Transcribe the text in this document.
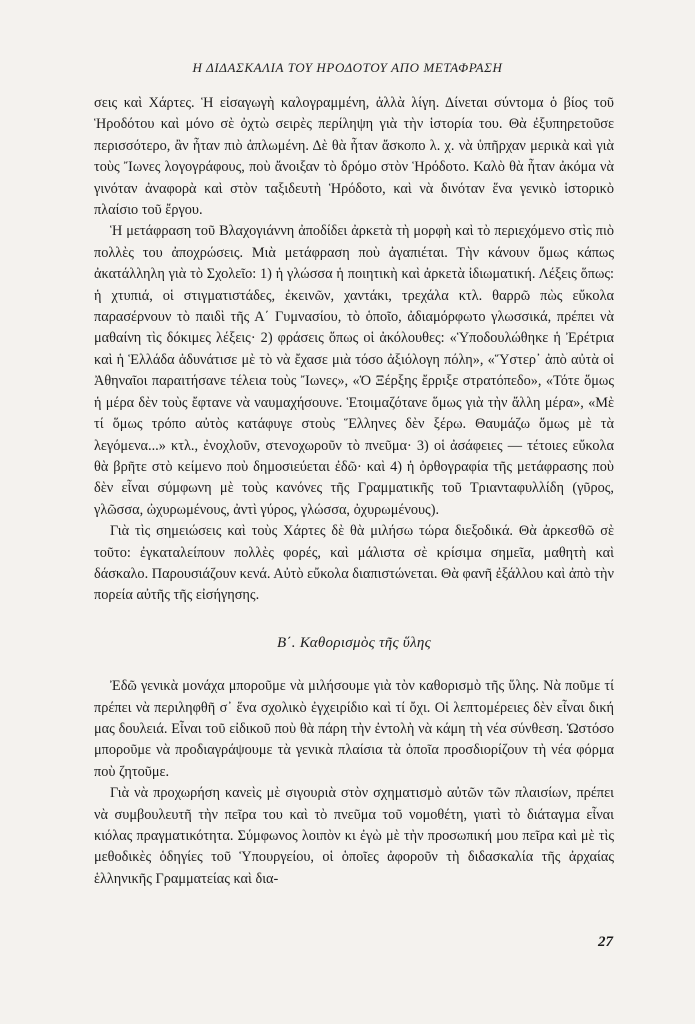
Η ΔΙΔΑΣΚΑΛΙΑ ΤΟΥ ΗΡΟΔΟΤΟΥ ΑΠΟ ΜΕΤΑΦΡΑΣΗ

σεις καὶ Χάρτες. Ἡ εἰσαγωγὴ καλογραμμένη, ἀλλὰ λίγη. Δίνεται σύντομα ὁ βίος τοῦ Ἡροδότου καὶ μόνο σὲ ὀχτὼ σειρὲς περίληψη γιὰ τὴν ἱστορία του. Θὰ ἐξυπηρετοῦσε περισσότερο, ἂν ἦταν πιὸ ἁπλωμένη. Δὲ θὰ ἦταν ἄσκοπο λ. χ. νὰ ὑπῆρχαν μερικὰ καὶ γιὰ τοὺς Ἴωνες λογογράφους, ποὺ ἄνοιξαν τὸ δρόμο στὸν Ἡρόδοτο. Καλὸ θὰ ἦταν ἀκόμα νὰ γινόταν ἀναφορὰ καὶ στὸν ταξιδευτὴ Ἡρόδοτο, καὶ νὰ δινόταν ἕνα γενικὸ ἱστορικὸ πλαίσιο τοῦ ἔργου.

Ἡ μετάφραση τοῦ Βλαχογιάννη ἀποδίδει ἀρκετὰ τὴ μορφὴ καὶ τὸ περιεχόμενο στὶς πιὸ πολλὲς του ἀποχρώσεις. Μιὰ μετάφραση ποὺ ἀγαπιέται. Τὴν κάνουν ὅμως κάπως ἀκατάλληλη γιὰ τὸ Σχολεῖο: 1) ἡ γλώσσα ἡ ποιητικὴ καὶ ἀρκετὰ ἰδιωματική. Λέξεις ὅπως: ἡ χτυπιά, οἱ στιγματιστάδες, ἐκεινῶν, χαντάκι, τρεχάλα κτλ. θαρρῶ πὼς εὔκολα παρασέρνουν τὸ παιδὶ τῆς Α΄ Γυμνασίου, τὸ ὁποῖο, ἀδιαμόρφωτο γλωσσικά, πρέπει νὰ μαθαίνη τὶς δόκιμες λέξεις· 2) φράσεις ὅπως οἱ ἀκόλουθες: «Ὑποδουλώθηκε ἡ Ἐρέτρια καὶ ἡ Ἑλλάδα ἀδυνάτισε μὲ τὸ νὰ ἔχασε μιὰ τόσο ἀξιόλογη πόλη», «Ὕστερ᾽ ἀπὸ αὐτὰ οἱ Ἀθηναῖοι παραιτήσανε τέλεια τοὺς Ἴωνες», «Ὁ Ξέρξης ἔρριξε στρατόπεδο», «Τότε ὅμως ἡ μέρα δὲν τοὺς ἔφτανε νὰ ναυμαχήσουνε. Ἑτοιμαζότανε ὅμως γιὰ τὴν ἄλλη μέρα», «Μὲ τί ὅμως τρόπο αὐτὸς κατάφυγε στοὺς Ἕλληνες δὲν ξέρω. Θαυμάζω ὅμως μὲ τὰ λεγόμενα...» κτλ., ἐνοχλοῦν, στενοχωροῦν τὸ πνεῦμα· 3) οἱ ἀσάφειες — τέτοιες εὔκολα θὰ βρῆτε στὸ κείμενο ποὺ δημοσιεύεται ἐδῶ· καὶ 4) ἡ ὀρθογραφία τῆς μετάφρασης ποὺ δὲν εἶναι σύμφωνη μὲ τοὺς κανόνες τῆς Γραμματικῆς τοῦ Τριανταφυλλίδη (γῦρος, γλῶσσα, ὠχυρωμένους, ἀντὶ γύρος, γλώσσα, ὀχυρωμένους).

Γιὰ τὶς σημειώσεις καὶ τοὺς Χάρτες δὲ θὰ μιλήσω τώρα διεξοδικά. Θὰ ἀρκεσθῶ σὲ τοῦτο: ἐγκαταλείπουν πολλὲς φορές, καὶ μάλιστα σὲ κρίσιμα σημεῖα, μαθητὴ καὶ δάσκαλο. Παρουσιάζουν κενά. Αὐτὸ εὔκολα διαπιστώνεται. Θὰ φανῆ ἐξάλλου καὶ ἀπὸ τὴν πορεία αὐτῆς τῆς εἰσήγησης.

Β΄. Καθορισμὸς τῆς ὕλης

Ἐδῶ γενικὰ μονάχα μποροῦμε νὰ μιλήσουμε γιὰ τὸν καθορισμὸ τῆς ὕλης. Νὰ ποῦμε τί πρέπει νὰ περιληφθῆ σ᾽ ἕνα σχολικὸ ἐγχειρίδιο καὶ τί ὄχι. Οἱ λεπτομέρειες δὲν εἶναι δική μας δουλειά. Εἶναι τοῦ εἰδικοῦ ποὺ θὰ πάρη τὴν ἐντολὴ νὰ κάμη τὴ νέα σύνθεση. Ὡστόσο μποροῦμε νὰ προδιαγράψουμε τὰ γενικὰ πλαίσια τὰ ὁποῖα προσδιορίζουν τὴ νέα φόρμα ποὺ ζητοῦμε.

Γιὰ νὰ προχωρήση κανεὶς μὲ σιγουριὰ στὸν σχηματισμὸ αὐτῶν τῶν πλαισίων, πρέπει νὰ συμβουλευτῆ τὴν πεῖρα του καὶ τὸ πνεῦμα τοῦ νομοθέτη, γιατὶ τὸ διάταγμα εἶναι κιόλας πραγματικότητα. Σύμφωνος λοιπὸν κι ἐγὼ μὲ τὴν προσωπική μου πεῖρα καὶ μὲ τὶς μεθοδικὲς ὁδηγίες τοῦ Ὑπουργείου, οἱ ὁποῖες ἀφοροῦν τὴ διδασκαλία τῆς ἀρχαίας ἑλληνικῆς Γραμματείας καὶ δια-

27
